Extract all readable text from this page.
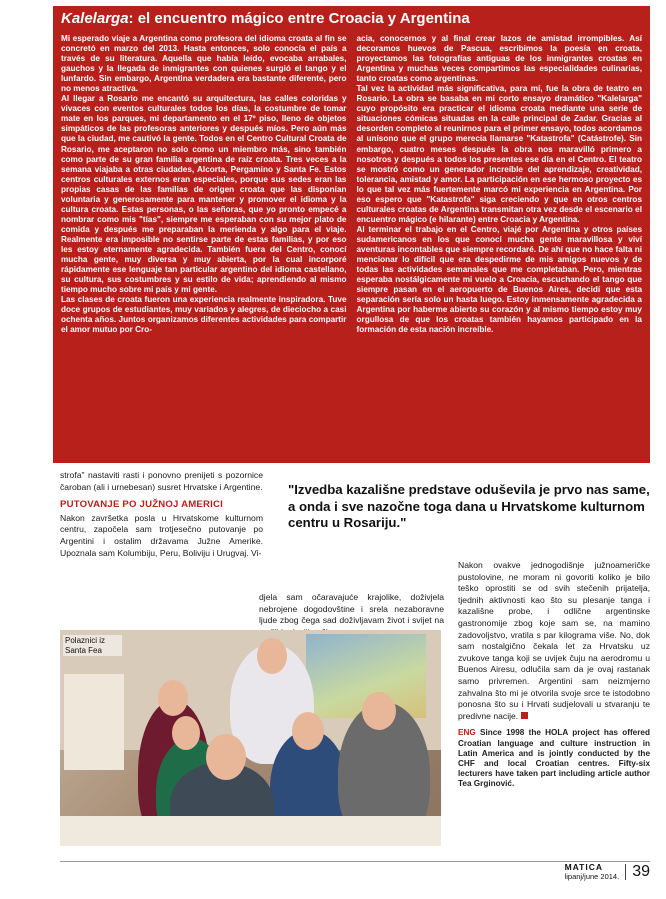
Kalelarga: el encuentro mágico entre Croacia y Argentina

Mi esperado viaje a Argentina como profesora del idioma croata al fin se concretó en marzo del 2013. Hasta entonces, solo conocía el país a través de su literatura. Aquella que había leído, evocaba arrabales, gauchos y la llegada de inmigrantes con quienes surgió el tango y el lunfardo. Sin embargo, Argentina verdadera era bastante diferente, pero no menos atractiva.

Al llegar a Rosario me encantó su arquitectura, las calles coloridas y vivaces con eventos culturales todos los días, la costumbre de tomar mate en los parques, mi departamento en el 17º piso, lleno de objetos simpáticos de las profesoras anteriores y después míos. Pero aún más que la ciudad, me cautivó la gente. Todos en el Centro Cultural Croata de Rosario, me aceptaron no solo como un miembro más, sino también como parte de su gran familia argentina de raíz croata. Tres veces a la semana viajaba a otras ciudades, Alcorta, Pergamino y Santa Fe. Estos centros culturales externos eran especiales, porque sus sedes eran las propias casas de las familias de origen croata que las disponían voluntaria y generosamente para mantener y promover el idioma y la cultura croata. Estas personas, o las señoras, que yo pronto empecé a nombrar como mis "tías", siempre me esperaban con su mejor plato de comida y después me preparaban la merienda y algo para el viaje. Realmente era imposible no sentirse parte de estas familias, y por eso les estoy eternamente agradecida. También fuera del Centro, conocí mucha gente, muy diversa y muy abierta, por la cual incorporé rápidamente ese lenguaje tan particular argentino del idioma castellano, su cultura, sus costumbres y su estilo de vida; aprendiendo al mismo tiempo mucho sobre mi país y mi gente.

Las clases de croata fueron una experiencia realmente inspiradora. Tuve doce grupos de estudiantes, muy variados y alegres, de dieciocho a casi ochenta años. Juntos organizamos diferentes actividades para compartir el amor mutuo por Cro-

acia, conocernos y al final crear lazos de amistad irrompibles. Así decoramos huevos de Pascua, escribimos la poesía en croata, proyectamos las fotografías antiguas de los inmigrantes croatas en Argentina y muchas veces compartimos las especialidades culinarias, tanto croatas como argentinas.

Tal vez la actividad más significativa, para mí, fue la obra de teatro en Rosario. La obra se basaba en mi corto ensayo dramático "Kalelarga" cuyo propósito era practicar el idioma croata mediante una serie de situaciones cómicas situadas en la calle principal de Zadar. Gracias al desorden completo al reunirnos para el primer ensayo, todos acordamos al unísono que el grupo merecía llamarse "Katastrofa" (Catástrofe). Sin embargo, cuatro meses después la obra nos maravilló primero a nosotros y después a todos los presentes ese día en el Centro. El teatro se mostró como un generador increíble del aprendizaje, creatividad, tolerancia, amistad y amor. La participación en ese hermoso proyecto es lo que tal vez más fuertemente marcó mi experiencia en Argentina. Por eso espero que "Katastrofa" siga creciendo y que en otros centros culturales croatas de Argentina transmitan otra vez desde el escenario el encuentro mágico (e hilarante) entre Croacia y Argentina.

Al terminar el trabajo en el Centro, viajé por Argentina y otros países sudamericanos en los que conocí mucha gente maravillosa y viví aventuras incontables que siempre recordaré. De ahí que no hace falta ni mencionar lo difícil que era despedirme de mis amigos nuevos y de todas las actividades semanales que me completaban. Pero, mientras esperaba nostálgicamente mi vuelo a Croacia, escuchando el tango que siempre pasan en el aeropuerto de Buenos Aires, decidí que esta separación sería solo un hasta luego. Estoy inmensamente agradecida a Argentina por haberme abierto su corazón y al mismo tiempo estoy muy orgullosa de que los croatas también hayamos participado en la formación de esta nación increíble.

strofa" nastaviti rasti i ponovno prenijeti s pozornice čaroban (ali i urnebesan) susret Hrvatske i Argentine.

PUTOVANJE PO JUŽNOJ AMERICI

Nakon završetka posla u Hrvatskome kulturnom centru, započela sam trotjesečno putovanje po Argentini i ostalim državama Južne Amerike. Upoznala sam Kolumbiju, Peru, Boliviju i Urugvaj. Vi-

"Izvedba kazališne predstave oduševila je prvo nas same, a onda i sve nazočne toga dana u Hrvatskome kulturnom centru u Rosariju."
djela sam očaravajuće krajolike, doživjela nebrojene dogodovštine i srela nezaboravne ljude zbog čega sad doživljavam život i svijet na
Nakon ovakve jednogodišnje južnoameričke pustolovine, ne moram ni govoriti koliko je bilo teško oprostiti se od svih stečenih prijatelja, tjednih aktivnosti kao što su plesanje tanga i kazališne probe, i odlične argentinske gastronomije zbog koje sam se, na mamino zadovoljstvo, vratila s par kilograma više. No, dok sam nostalgično čekala let za Hrvatsku uz zvukove tanga koji se uvijek čuju na aerodromu u Buenos Airesu, odlučila sam da je ovaj rastanak samo privremen. Argentini sam neizmjerno zahvalna što mi je otvorila svoje srce te istodobno ponosna što su i Hrvati sudjelovali u stvaranju te predivne nacije.
ENG Since 1998 the HOLA project has offered Croatian language and culture instruction in Latin America and is jointly conducted by the CHF and local Croatian centres. Fifty-six lecturers have taken part including article author Tea Grginović.
Polaznici iz Santa Fea
MATICA
lipanj/june 2014. 39
